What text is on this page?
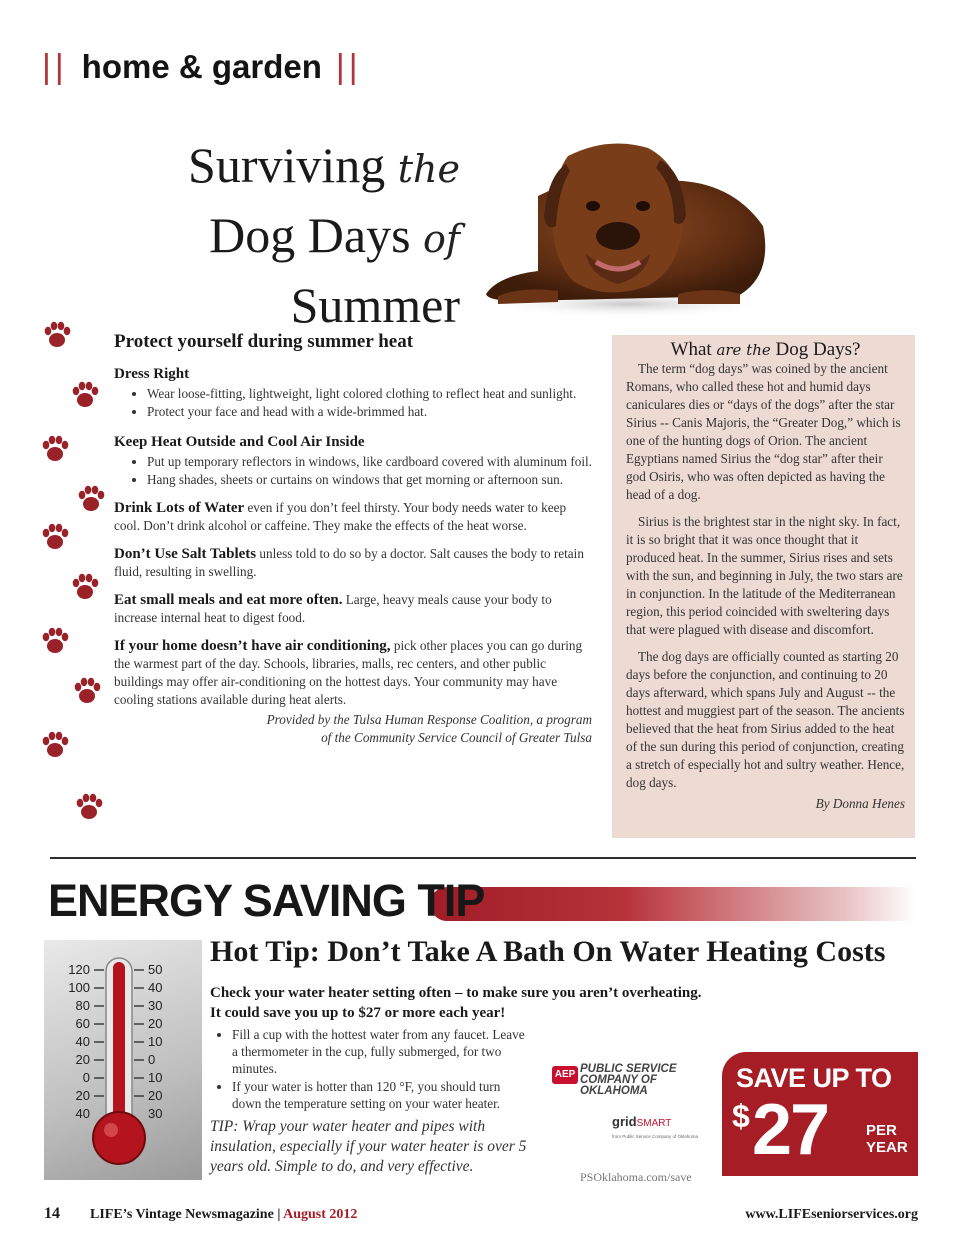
|| home & garden ||
Surviving the
Dog Days of
Summer
Protect yourself during summer heat
Dress Right
• Wear loose-fitting, lightweight, light colored clothing to reflect heat and sunlight.
• Protect your face and head with a wide-brimmed hat.
Keep Heat Outside and Cool Air Inside
• Put up temporary reflectors in windows, like cardboard covered with aluminum foil.
• Hang shades, sheets or curtains on windows that get morning or afternoon sun.

Drink Lots of Water even if you don’t feel thirsty. Your body needs water to keep cool. Don’t drink alcohol or caffeine. They make the effects of the heat worse.

Don’t Use Salt Tablets unless told to do so by a doctor. Salt causes the body to retain fluid, resulting in swelling.

Eat small meals and eat more often. Large, heavy meals cause your body to increase internal heat to digest food.

If your home doesn’t have air conditioning, pick other places you can go during the warmest part of the day. Schools, libraries, malls, rec centers, and other public buildings may offer air-conditioning on the hottest days. Your community may have cooling stations available during heat alerts.

Provided by the Tulsa Human Response Coalition, a program
of the Community Service Council of Greater Tulsa
What are the Dog Days?

The term “dog days” was coined by the ancient Romans, who called these hot and humid days caniculares dies or “days of the dogs” after the star Sirius -- Canis Majoris, the “Greater Dog,” which is one of the hunting dogs of Orion. The ancient Egyptians named Sirius the “dog star” after their god Osiris, who was often depicted as having the head of a dog.

Sirius is the brightest star in the night sky. In fact, it is so bright that it was once thought that it produced heat. In the summer, Sirius rises and sets with the sun, and beginning in July, the two stars are in conjunction. In the latitude of the Mediterranean region, this period coincided with sweltering days that were plagued with disease and discomfort.

The dog days are officially counted as starting 20 days before the conjunction, and continuing to 20 days afterward, which spans July and August -- the hottest and muggiest part of the season. The ancients believed that the heat from Sirius added to the heat of the sun during this period of conjunction, creating a stretch of especially hot and sultry weather. Hence, dog days.

By Donna Henes
ENERGY SAVING TIP
120
100
80
60
40
20
0
20
40
50
40
30
20
10
0
10
20
30
Hot Tip: Don’t Take A Bath On Water Heating Costs
Check your water heater setting often – to make sure you aren’t overheating.
It could save you up to $27 or more each year!
• Fill a cup with the hottest water from any faucet. Leave a thermometer in the cup, fully submerged, for two minutes.
• If your water is hotter than 120 °F, you should turn down the temperature setting on your water heater.
TIP: Wrap your water heater and pipes with insulation, especially if your water heater is over 5 years old. Simple to do, and very effective.
AEP PUBLIC SERVICE
COMPANY OF
OKLAHOMA
gridSMART
from Public Service Company of Oklahoma
PSOklahoma.com/save
SAVE UP TO
$ 27	PER
YEAR
14 LIFE’s Vintage Newsmagazine | August 2012	www.LIFEseniorservices.org
